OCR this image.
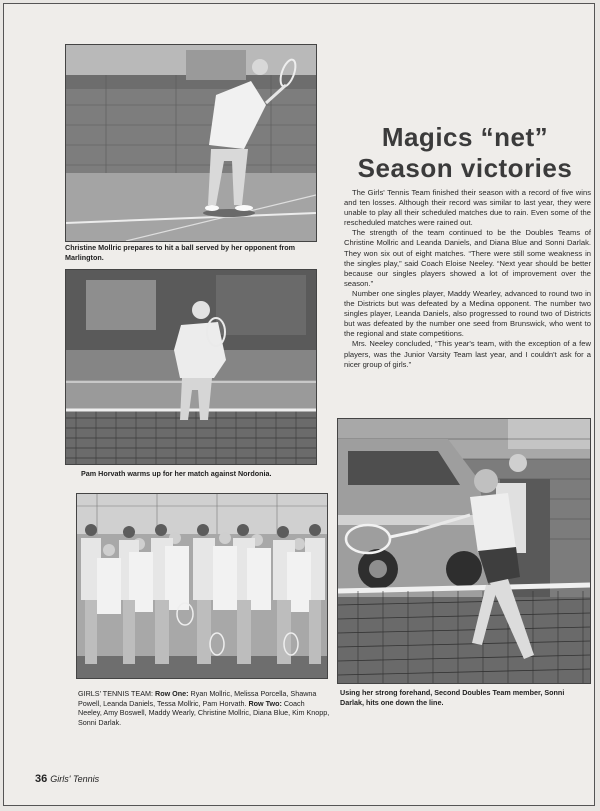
Christine Mollric prepares to hit a ball served by her opponent from Marlington.
Pam Horvath warms up for her match against Nordonia.
GIRLS' TENNIS TEAM: Row One: Ryan Mollric, Melissa Porcella, Shawna Powell, Leanda Daniels, Tessa Mollric, Pam Horvath. Row Two: Coach Neeley, Amy Boswell, Maddy Wearly, Christine Mollric, Diana Blue, Kim Knopp, Sonni Darlak.
Magics “net”
Season victories

The Girls' Tennis Team finished their season with a record of five wins and ten losses. Although their record was similar to last year, they were unable to play all their scheduled matches due to rain. Even some of the rescheduled matches were rained out.

The strength of the team continued to be the Doubles Teams of Christine Mollric and Leanda Daniels, and Diana Blue and Sonni Darlak. They won six out of eight matches. “There were still some weakness in the singles play,” said Coach Eloise Neeley. “Next year should be better because our singles players showed a lot of improvement over the season.”

Number one singles player, Maddy Wearley, advanced to round two in the Districts but was defeated by a Medina opponent. The number two singles player, Leanda Daniels, also progressed to round two of Districts but was defeated by the number one seed from Brunswick, who went to the regional and state competitions.

Mrs. Neeley concluded, “This year's team, with the exception of a few players, was the Junior Varsity Team last year, and I couldn't ask for a nicer group of girls.”

Using her strong forehand, Second Doubles Team member, Sonni Darlak, hits one down the line.
36 Girls' Tennis
